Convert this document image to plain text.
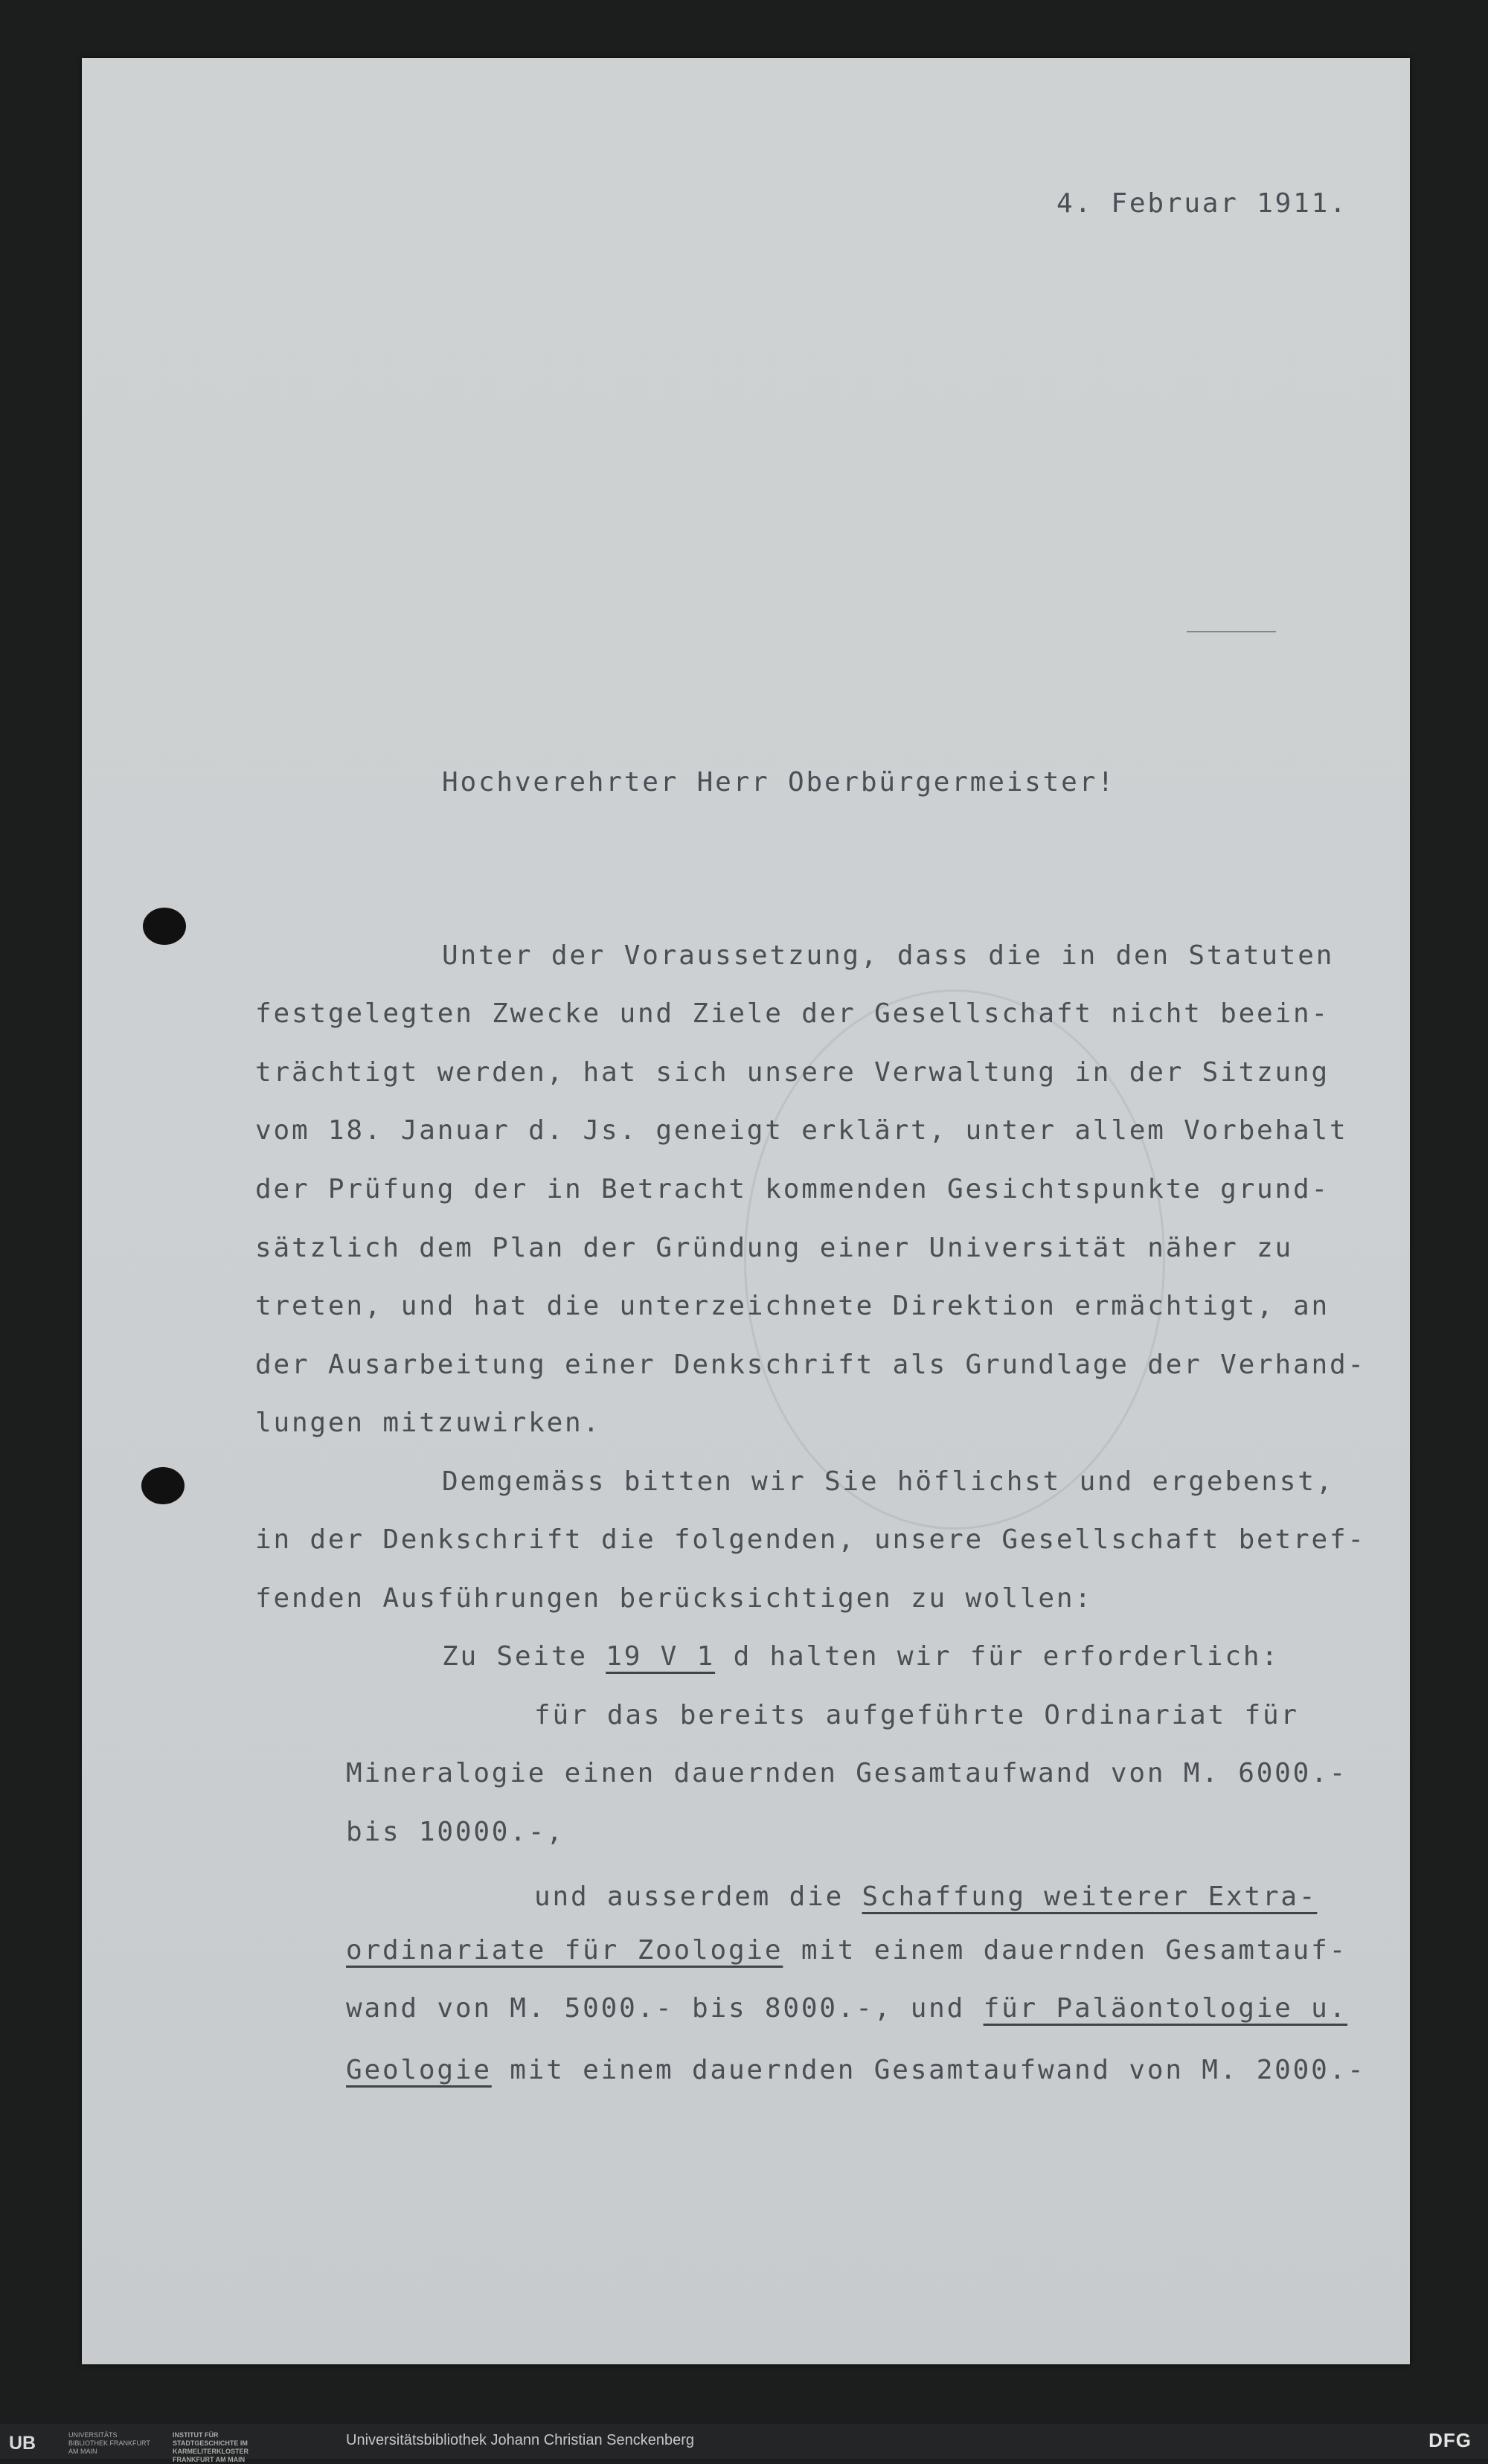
4. Februar 1911.
Hochverehrter Herr Oberbürgermeister!
Unter der Voraussetzung, dass die in den Statuten
festgelegten Zwecke und Ziele der Gesellschaft nicht beein-
trächtigt werden, hat sich unsere Verwaltung in der Sitzung
vom 18. Januar d. Js. geneigt erklärt, unter allem Vorbehalt
der Prüfung der in Betracht kommenden Gesichtspunkte grund-
sätzlich dem Plan der Gründung einer Universität näher zu
treten, und hat die unterzeichnete Direktion ermächtigt, an
der Ausarbeitung einer Denkschrift als Grundlage der Verhand-
lungen mitzuwirken.
Demgemäss bitten wir Sie höflichst und ergebenst,
in der Denkschrift die folgenden, unsere Gesellschaft betref-
fenden Ausführungen berücksichtigen zu wollen:
Zu Seite 19 V 1 d halten wir für erforderlich:
für das bereits aufgeführte Ordinariat für
Mineralogie einen dauernden Gesamtaufwand von M. 6000.-
bis 10000.-,
und ausserdem die Schaffung weiterer Extra-
ordinariate für Zoologie mit einem dauernden Gesamtauf-
wand von M. 5000.- bis 8000.-, und für Paläontologie u.
Geologie mit einem dauernden Gesamtaufwand von M. 2000.-
UB	UNIVERSITÄTS BIBLIOTHEK FRANKFURT AM MAIN
INSTITUT FÜR STADTGESCHICHTE IM KARMELITERKLOSTER FRANKFURT AM MAIN
Universitätsbibliothek Johann Christian Senckenberg	DFG
